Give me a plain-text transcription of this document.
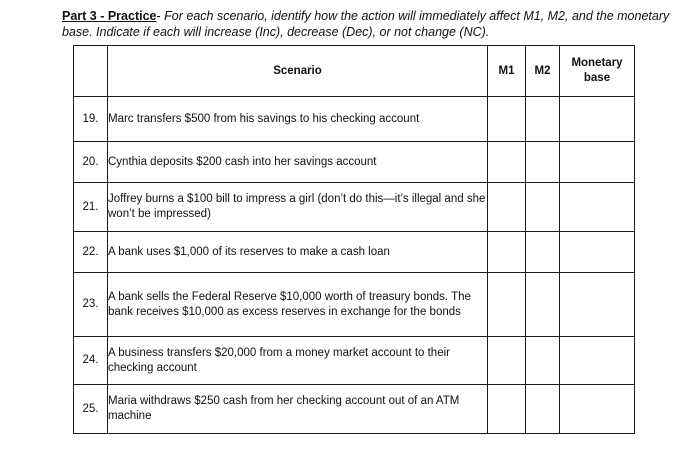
Part 3 - Practice- For each scenario, identify how the action will immediately affect M1, M2, and the monetary base. Indicate if each will increase (Inc), decrease (Dec), or not change (NC).
	Scenario	M1	M2	Monetary base
19.	Marc transfers $500 from his savings to his checking account			
20.	Cynthia deposits $200 cash into her savings account			
21.	Joffrey burns a $100 bill to impress a girl (don’t do this—it’s illegal and she won’t be impressed)			
22.	A bank uses $1,000 of its reserves to make a cash loan			
23.	A bank sells the Federal Reserve $10,000 worth of treasury bonds. The bank receives $10,000 as excess reserves in exchange for the bonds			
24.	A business transfers $20,000 from a money market account to their checking account			
25.	Maria withdraws $250 cash from her checking account out of an ATM machine			
